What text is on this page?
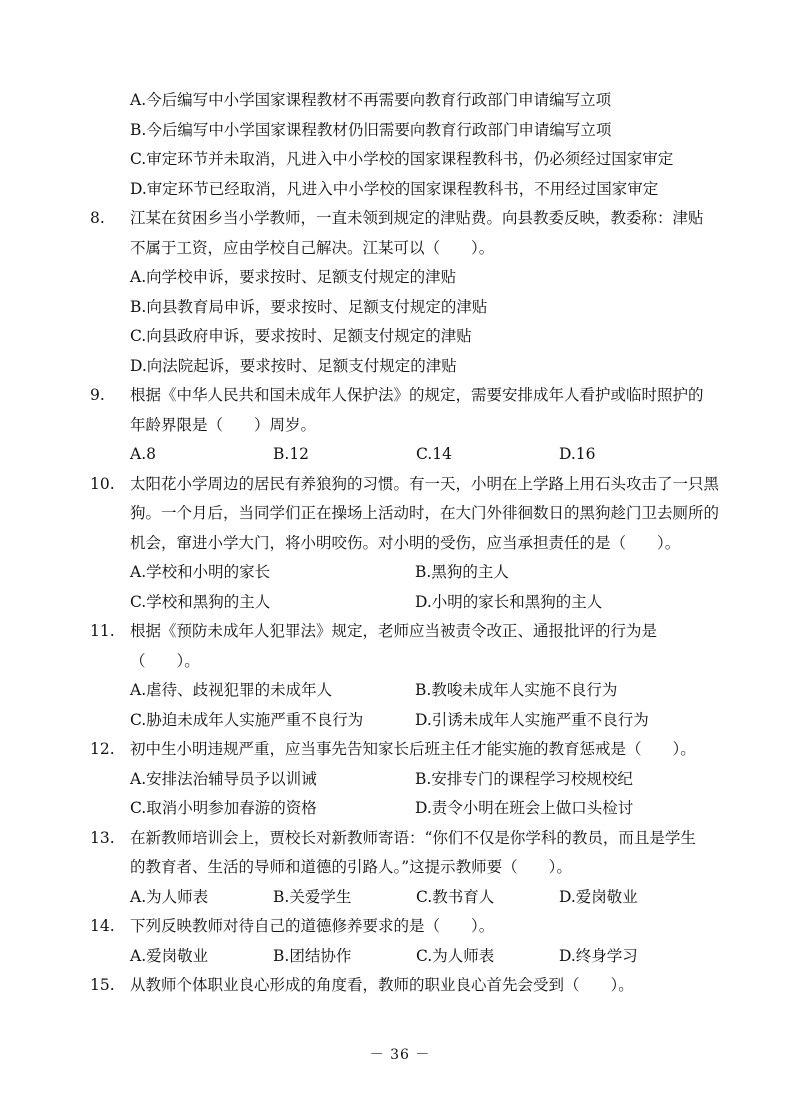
A.今后编写中小学国家课程教材不再需要向教育行政部门申请编写立项
B.今后编写中小学国家课程教材仍旧需要向教育行政部门申请编写立项
C.审定环节并未取消，凡进入中小学校的国家课程教科书，仍必须经过国家审定
D.审定环节已经取消，凡进入中小学校的国家课程教科书，不用经过国家审定
8.	江某在贫困乡当小学教师，一直未领到规定的津贴费。向县教委反映，教委称：津贴
不属于工资，应由学校自己解决。江某可以（　　）。
A.向学校申诉，要求按时、足额支付规定的津贴
B.向县教育局申诉，要求按时、足额支付规定的津贴
C.向县政府申诉，要求按时、足额支付规定的津贴
D.向法院起诉，要求按时、足额支付规定的津贴
9.	根据《中华人民共和国未成年人保护法》的规定，需要安排成年人看护或临时照护的
年龄界限是（　　）周岁。
A.8	B.12	C.14	D.16
10. 太阳花小学周边的居民有养狼狗的习惯。有一天，小明在上学路上用石头攻击了一只黑
狗。一个月后，当同学们正在操场上活动时，在大门外徘徊数日的黑狗趁门卫去厕所的
机会，窜进小学大门，将小明咬伤。对小明的受伤，应当承担责任的是（　　）。
A.学校和小明的家长	B.黑狗的主人
C.学校和黑狗的主人	D.小明的家长和黑狗的主人
11. 根据《预防未成年人犯罪法》规定，老师应当被责令改正、通报批评的行为是
（　　）。
A.虐待、歧视犯罪的未成年人	B.教唆未成年人实施不良行为
C.胁迫未成年人实施严重不良行为	D.引诱未成年人实施严重不良行为
12. 初中生小明违规严重，应当事先告知家长后班主任才能实施的教育惩戒是（　　）。
A.安排法治辅导员予以训诫	B.安排专门的课程学习校规校纪
C.取消小明参加春游的资格	D.责令小明在班会上做口头检讨
13. 在新教师培训会上，贾校长对新教师寄语：“你们不仅是你学科的教员，而且是学生
的教育者、生活的导师和道德的引路人。”这提示教师要（　　）。
A.为人师表	B.关爱学生	C.教书育人	D.爱岗敬业
14. 下列反映教师对待自己的道德修养要求的是（　　）。
A.爱岗敬业	B.团结协作	C.为人师表	D.终身学习
15. 从教师个体职业良心形成的角度看，教师的职业良心首先会受到（　　）。
－ 36 －
